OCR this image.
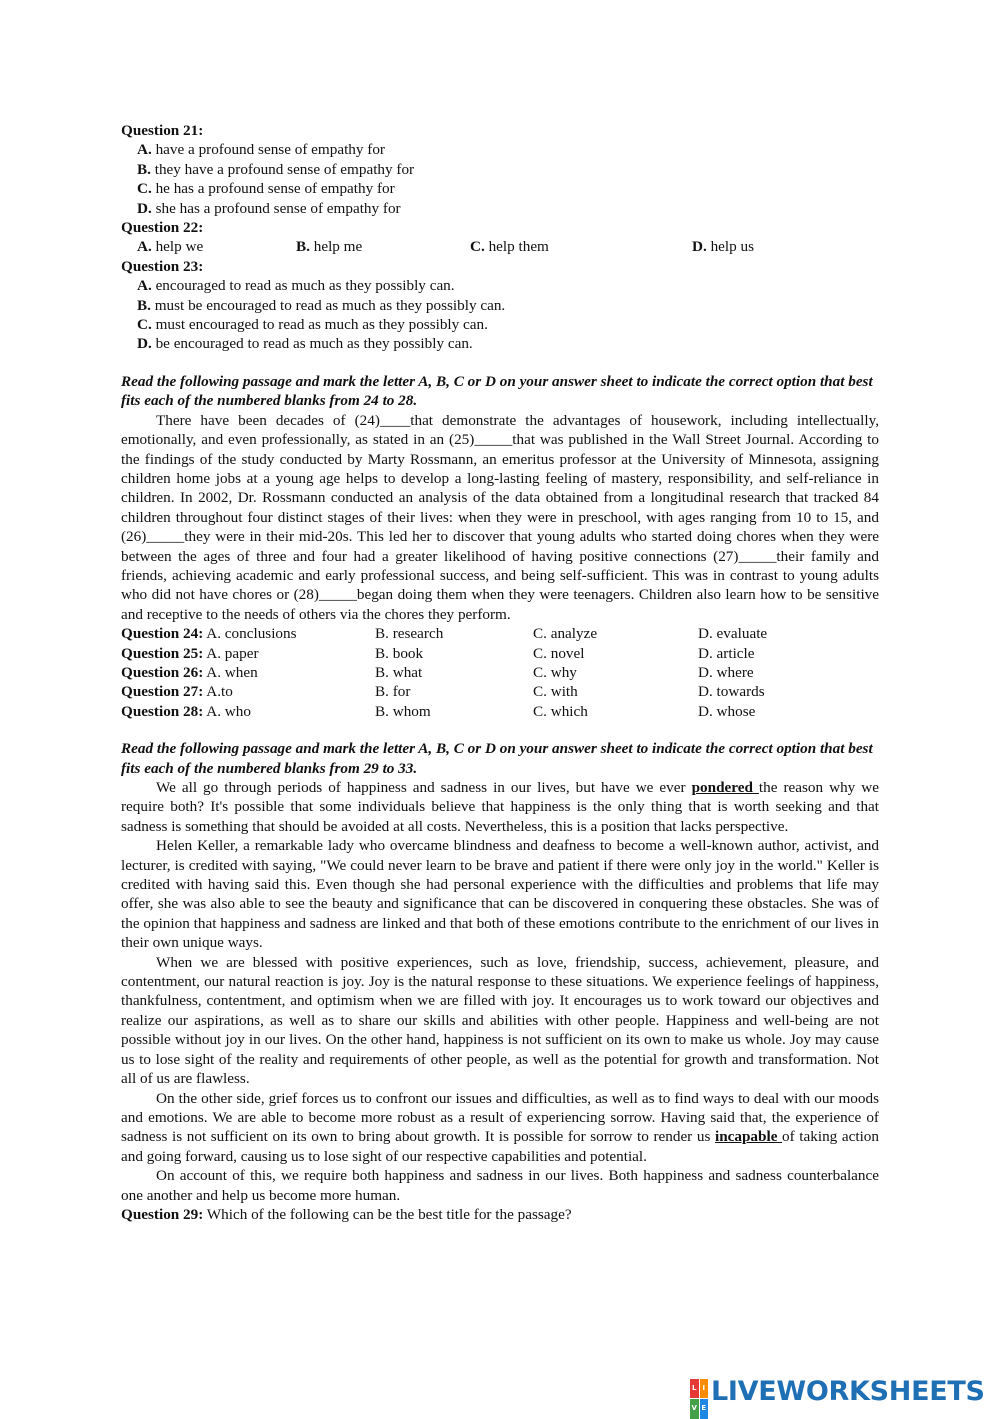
Question 21:
A. have a profound sense of empathy for
B. they have a profound sense of empathy for
C. he has a profound sense of empathy for
D. she has a profound sense of empathy for
Question 22:
A. help we	B. help me	C. help them	D. help us
Question 23:
A. encouraged to read as much as they possibly can.
B. must be encouraged to read as much as they possibly can.
C. must encouraged to read as much as they possibly can.
D. be encouraged to read as much as they possibly can.
Read the following passage and mark the letter A, B, C or D on your answer sheet to indicate the correct option that best fits each of the numbered blanks from 24 to 28.
There have been decades of (24)____that demonstrate the advantages of housework, including intellectually, emotionally, and even professionally, as stated in an (25)_____that was published in the Wall Street Journal. According to the findings of the study conducted by Marty Rossmann, an emeritus professor at the University of Minnesota, assigning children home jobs at a young age helps to develop a long-lasting feeling of mastery, responsibility, and self-reliance in children. In 2002, Dr. Rossmann conducted an analysis of the data obtained from a longitudinal research that tracked 84 children throughout four distinct stages of their lives: when they were in preschool, with ages ranging from 10 to 15, and (26)_____they were in their mid-20s. This led her to discover that young adults who started doing chores when they were between the ages of three and four had a greater likelihood of having positive connections (27)_____their family and friends, achieving academic and early professional success, and being self-sufficient. This was in contrast to young adults who did not have chores or (28)_____began doing them when they were teenagers. Children also learn how to be sensitive and receptive to the needs of others via the chores they perform.
Question 24: A. conclusions	B. research	C. analyze	D. evaluate
Question 25: A. paper	B. book	C. novel	D. article
Question 26: A. when	B. what	C. why	D. where
Question 27: A.to	B. for	C. with	D. towards
Question 28: A. who	B. whom	C. which	D. whose
Read the following passage and mark the letter A, B, C or D on your answer sheet to indicate the correct option that best fits each of the numbered blanks from 29 to 33.
We all go through periods of happiness and sadness in our lives, but have we ever pondered the reason why we require both? It's possible that some individuals believe that happiness is the only thing that is worth seeking and that sadness is something that should be avoided at all costs. Nevertheless, this is a position that lacks perspective.
Helen Keller, a remarkable lady who overcame blindness and deafness to become a well-known author, activist, and lecturer, is credited with saying, "We could never learn to be brave and patient if there were only joy in the world." Keller is credited with having said this. Even though she had personal experience with the difficulties and problems that life may offer, she was also able to see the beauty and significance that can be discovered in conquering these obstacles. She was of the opinion that happiness and sadness are linked and that both of these emotions contribute to the enrichment of our lives in their own unique ways.
When we are blessed with positive experiences, such as love, friendship, success, achievement, pleasure, and contentment, our natural reaction is joy. Joy is the natural response to these situations. We experience feelings of happiness, thankfulness, contentment, and optimism when we are filled with joy. It encourages us to work toward our objectives and realize our aspirations, as well as to share our skills and abilities with other people. Happiness and well-being are not possible without joy in our lives. On the other hand, happiness is not sufficient on its own to make us whole. Joy may cause us to lose sight of the reality and requirements of other people, as well as the potential for growth and transformation. Not all of us are flawless.
On the other side, grief forces us to confront our issues and difficulties, as well as to find ways to deal with our moods and emotions. We are able to become more robust as a result of experiencing sorrow. Having said that, the experience of sadness is not sufficient on its own to bring about growth. It is possible for sorrow to render us incapable of taking action and going forward, causing us to lose sight of our respective capabilities and potential.
On account of this, we require both happiness and sadness in our lives. Both happiness and sadness counterbalance one another and help us become more human.
Question 29: Which of the following can be the best title for the passage?
L I
V E
LIVEWORKSHEETS
